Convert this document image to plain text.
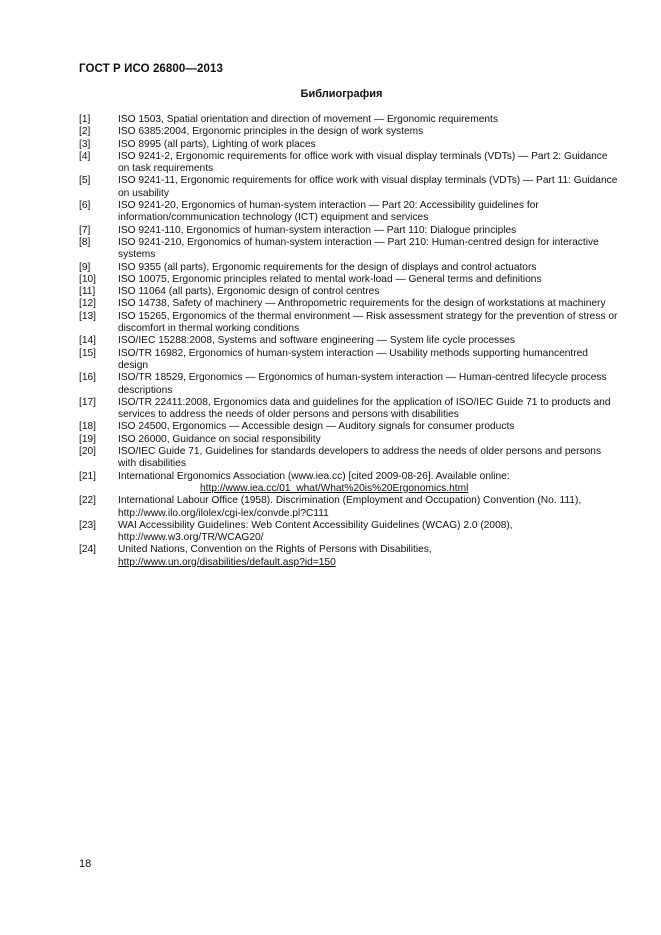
ГОСТ Р ИСО 26800—2013
Библиография
[1]	ISO 1503, Spatial orientation and direction of movement — Ergonomic requirements
[2]	ISO 6385:2004, Ergonomic principles in the design of work systems
[3]	ISO 8995 (all parts), Lighting of work places
[4]	ISO 9241-2, Ergonomic requirements for office work with visual display terminals (VDTs) — Part 2: Guidance on task requirements
[5]	ISO 9241-11, Ergonomic requirements for office work with visual display terminals (VDTs) — Part 11: Guidance on usability
[6]	ISO 9241-20, Ergonomics of human-system interaction — Part 20: Accessibility guidelines for information/communication technology (ICT) equipment and services
[7]	ISO 9241-110, Ergonomics of human-system interaction — Part 110: Dialogue principles
[8]	ISO 9241-210, Ergonomics of human-system interaction — Part 210: Human-centred design for interactive systems
[9]	ISO 9355 (all parts), Ergonomic requirements for the design of displays and control actuators
[10] ISO 10075, Ergonomic principles related to mental work-load — General terms and definitions
[11] ISO 11064 (all parts), Ergonomic design of control centres
[12] ISO 14738, Safety of machinery — Anthropometric requirements for the design of workstations at machinery
[13] ISO 15265, Ergonomics of the thermal environment — Risk assessment strategy for the prevention of stress or discomfort in thermal working conditions
[14] ISO/IEC 15288:2008, Systems and software engineering — System life cycle processes
[15] ISO/TR 16982, Ergonomics of human-system interaction — Usability methods supporting humancentred design
[16] ISO/TR 18529, Ergonomics — Ergonomics of human-system interaction — Human-centred lifecycle process descriptions
[17] ISO/TR 22411:2008, Ergonomics data and guidelines for the application of ISO/IEC Guide 71 to products and services to address the needs of older persons and persons with disabilities
[18] ISO 24500, Ergonomics — Accessible design — Auditory signals for consumer products
[19] ISO 26000, Guidance on social responsibility
[20] ISO/IEC Guide 71, Guidelines for standards developers to address the needs of older persons and persons with disabilities
[21] International Ergonomics Association (www.iea.cc) [cited 2009-08-26]. Available online:
http://www.iea.cc/01_what/What%20is%20Ergonomics.html
[22] International Labour Office (1958). Discrimination (Employment and Occupation) Convention (No. 111), http://www.ilo.org/ilolex/cgi-lex/convde.pl?C111
[23] WAI Accessibility Guidelines: Web Content Accessibility Guidelines (WCAG) 2.0 (2008), http://www.w3.org/TR/WCAG20/
[24] United Nations, Convention on the Rights of Persons with Disabilities,
http://www.un.org/disabilities/default.asp?id=150
18
